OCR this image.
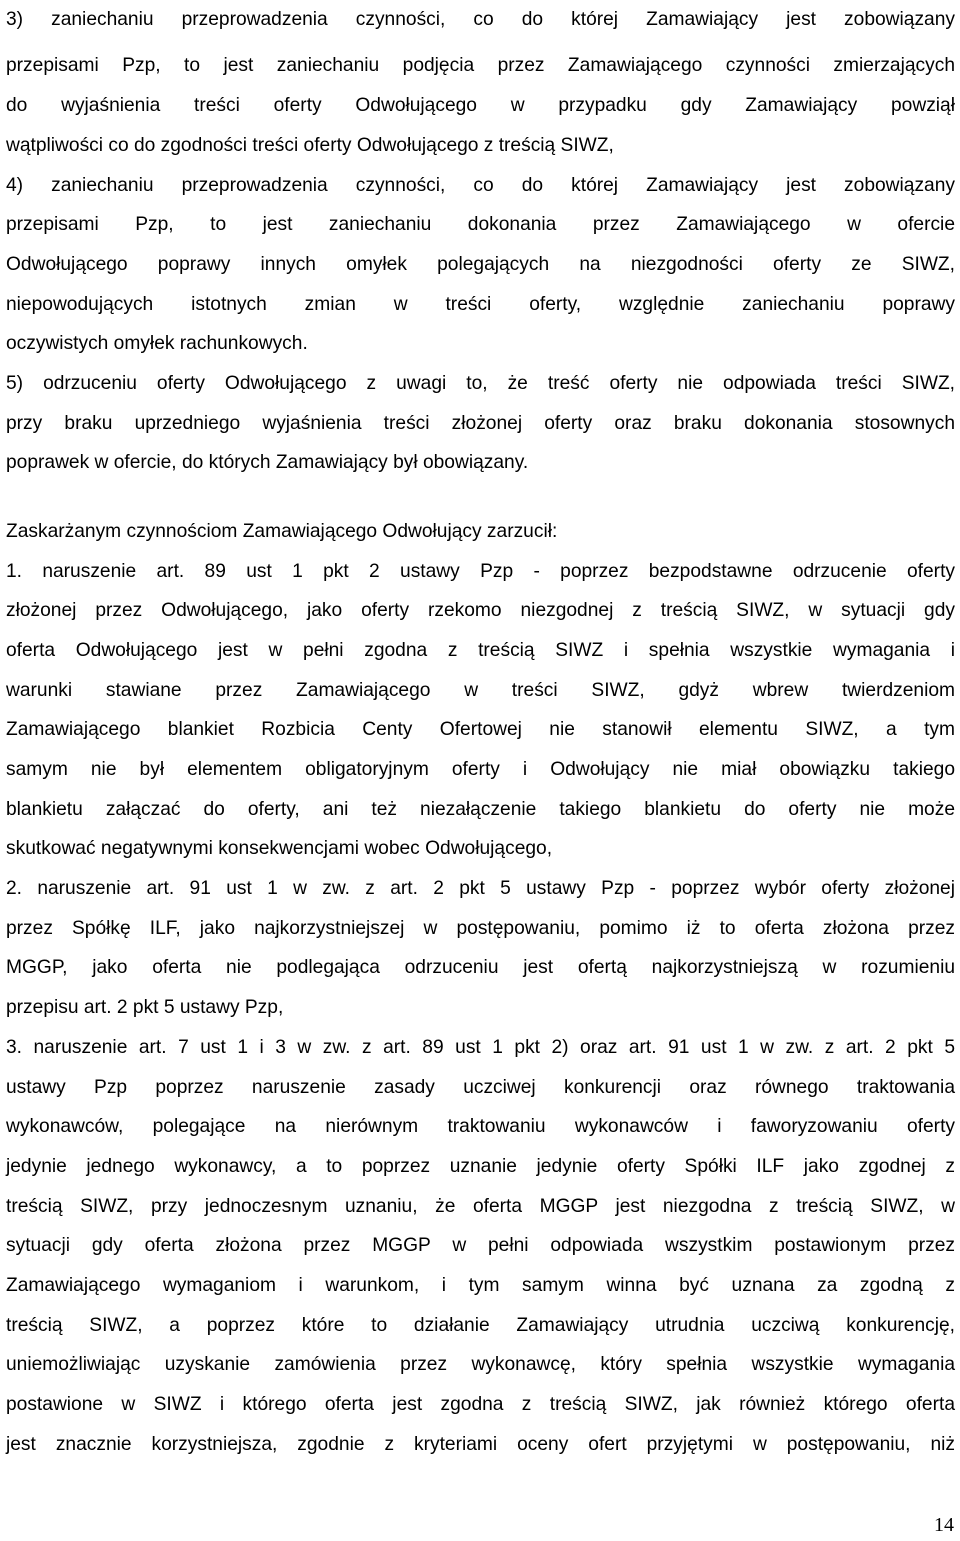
3) zaniechaniu przeprowadzenia czynności, co do której Zamawiający jest zobowiązany
przepisami Pzp, to jest zaniechaniu podjęcia przez Zamawiającego czynności zmierzających
do wyjaśnienia treści oferty Odwołującego w przypadku gdy Zamawiający powziął
wątpliwości co do zgodności treści oferty Odwołującego z treścią SIWZ,
4) zaniechaniu przeprowadzenia czynności, co do której Zamawiający jest zobowiązany
przepisami Pzp, to jest zaniechaniu dokonania przez Zamawiającego w ofercie
Odwołującego poprawy innych omyłek polegających na niezgodności oferty ze SIWZ,
niepowodujących istotnych zmian w treści oferty, względnie zaniechaniu poprawy
oczywistych omyłek rachunkowych.
5) odrzuceniu oferty Odwołującego z uwagi to, że treść oferty nie odpowiada treści SIWZ,
przy braku uprzedniego wyjaśnienia treści złożonej oferty oraz braku dokonania stosownych
poprawek w ofercie, do których Zamawiający był obowiązany.
Zaskarżanym czynnościom Zamawiającego Odwołujący zarzucił:
1. naruszenie art. 89 ust 1 pkt 2 ustawy Pzp - poprzez bezpodstawne odrzucenie oferty
złożonej przez Odwołującego, jako oferty rzekomo niezgodnej z treścią SIWZ, w sytuacji gdy
oferta Odwołującego jest w pełni zgodna z treścią SIWZ i spełnia wszystkie wymagania i
warunki stawiane przez Zamawiającego w treści SIWZ, gdyż wbrew twierdzeniom
Zamawiającego blankiet Rozbicia Centy Ofertowej nie stanowił elementu SIWZ, a tym
samym nie był elementem obligatoryjnym oferty i Odwołujący nie miał obowiązku takiego
blankietu załączać do oferty, ani też niezałączenie takiego blankietu do oferty nie może
skutkować negatywnymi konsekwencjami wobec Odwołującego,
2. naruszenie art. 91 ust 1 w zw. z art. 2 pkt 5 ustawy Pzp - poprzez wybór oferty złożonej
przez Spółkę ILF, jako najkorzystniejszej w postępowaniu, pomimo iż to oferta złożona przez
MGGP, jako oferta nie podlegająca odrzuceniu jest ofertą najkorzystniejszą w rozumieniu
przepisu art. 2 pkt 5 ustawy Pzp,
3. naruszenie art. 7 ust 1 i 3 w zw. z art. 89 ust 1 pkt 2) oraz art. 91 ust 1 w zw. z art. 2 pkt 5
ustawy Pzp poprzez naruszenie zasady uczciwej konkurencji oraz równego traktowania
wykonawców, polegające na nierównym traktowaniu wykonawców i faworyzowaniu oferty
jedynie jednego wykonawcy, a to poprzez uznanie jedynie oferty Spółki ILF jako zgodnej z
treścią SIWZ, przy jednoczesnym uznaniu, że oferta MGGP jest niezgodna z treścią SIWZ, w
sytuacji gdy oferta złożona przez MGGP w pełni odpowiada wszystkim postawionym przez
Zamawiającego wymaganiom i warunkom, i tym samym winna być uznana za zgodną z
treścią SIWZ, a poprzez które to działanie Zamawiający utrudnia uczciwą konkurencję,
uniemożliwiając uzyskanie zamówienia przez wykonawcę, który spełnia wszystkie wymagania
postawione w SIWZ i którego oferta jest zgodna z treścią SIWZ, jak również którego oferta
jest znacznie korzystniejsza, zgodnie z kryteriami oceny ofert przyjętymi w postępowaniu, niż
14
